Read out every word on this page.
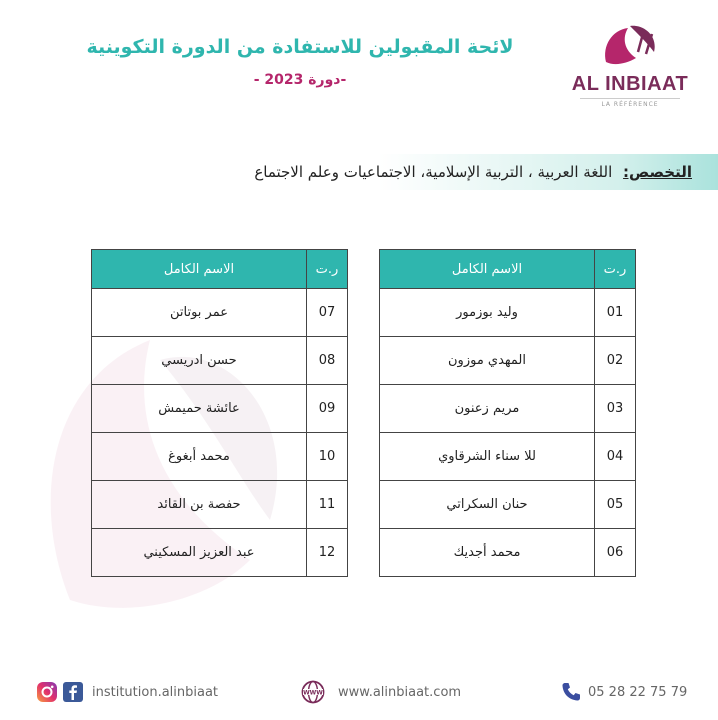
لائحة المقبولين للاستفادة من الدورة التكوينية
-دورة 2023 -	AL INBIAAT
LA RÉFÉRENCE
التخصص: اللغة العربية ، التربية الإسلامية، الاجتماعيات وعلم الاجتماع
ر.ت	الاسم الكامل
01	وليد بوزمور
02	المهدي موزون
03	مريم زعنون
04	للا سناء الشرقاوي
05	حنان السكراتي
06	محمد أجديك
ر.ت	الاسم الكامل
07	عمر بوتاتن
08	حسن ادريسي
09	عائشة حميمش
10	محمد أبغوغ
11	حفصة بن القائد
12	عبد العزيز المسكيني
institution.alinbiaat	WWW www.alinbiaat.com	05 28 22 75 79
